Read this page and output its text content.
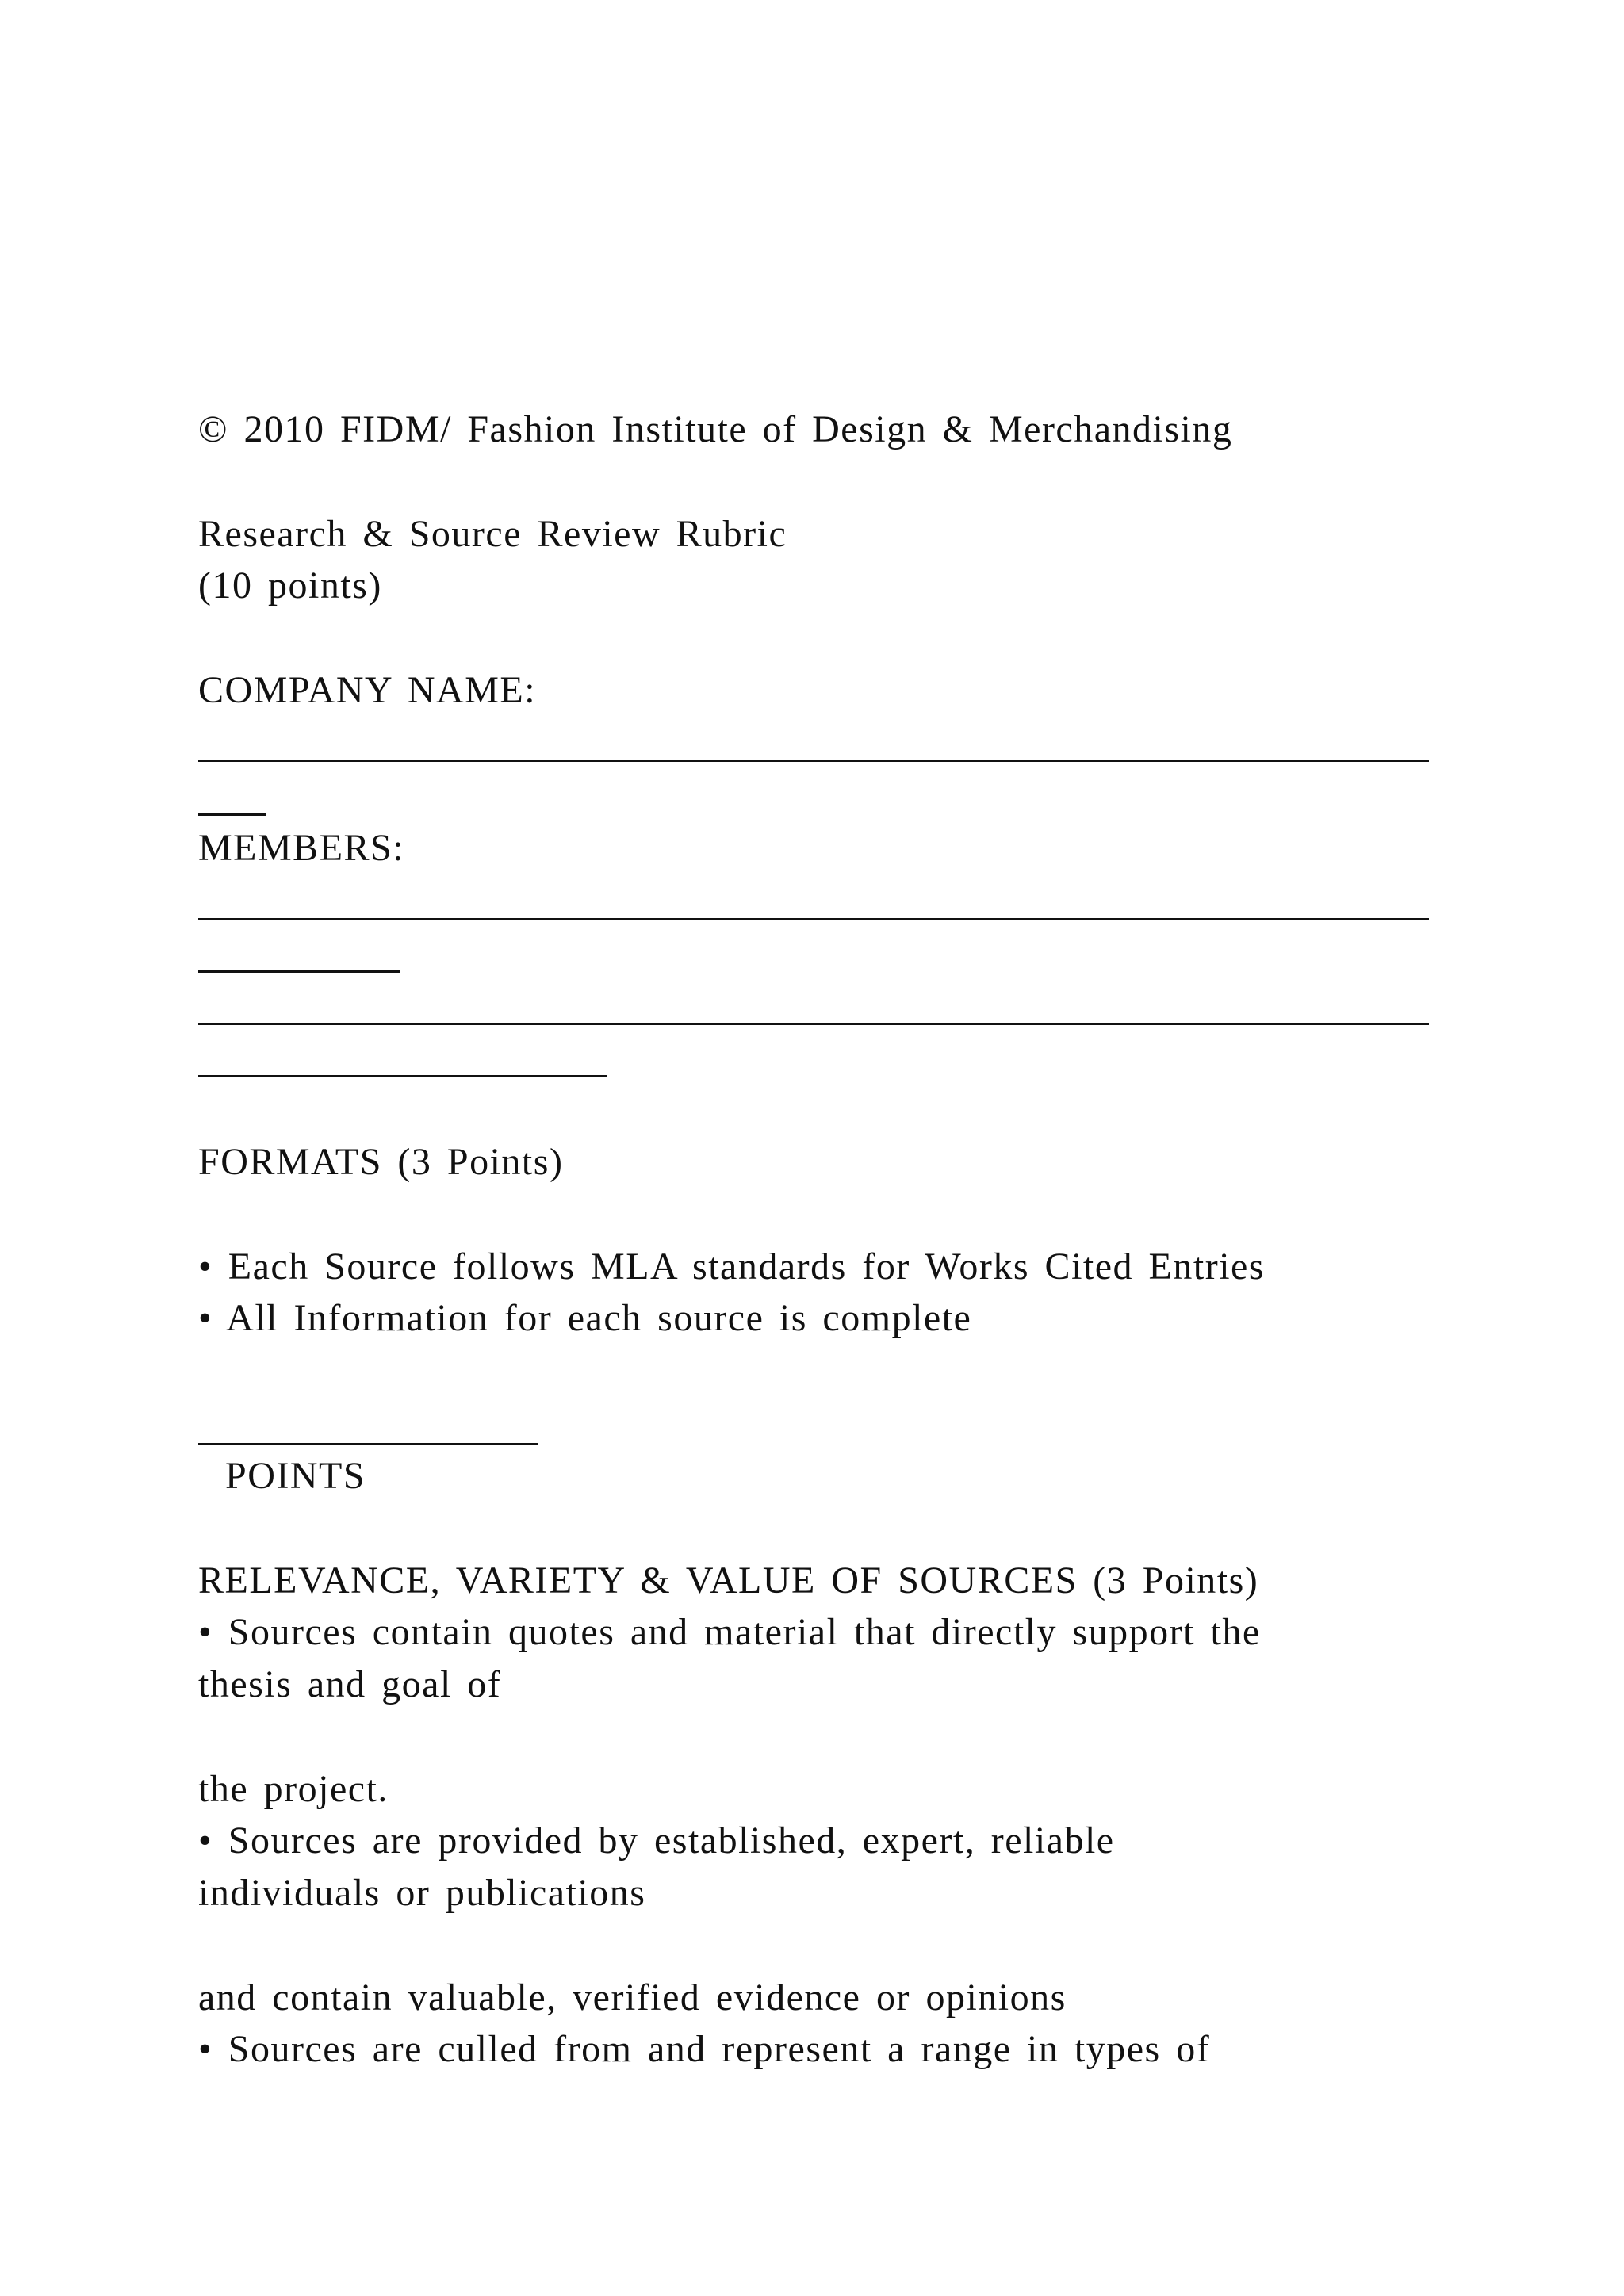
© 2010 FIDM/ Fashion Institute of Design & Merchandising
Research & Source Review Rubric
(10 points)
COMPANY NAME:
MEMBERS:
FORMATS (3 Points)
• Each Source follows MLA standards for Works Cited Entries
• All Information for each source is complete
POINTS
RELEVANCE, VARIETY & VALUE OF SOURCES (3 Points)
• Sources contain quotes and material that directly support the
thesis and goal of
the project.
• Sources are provided by established, expert, reliable
individuals or publications
and contain valuable, verified evidence or opinions
• Sources are culled from and represent a range in types of
